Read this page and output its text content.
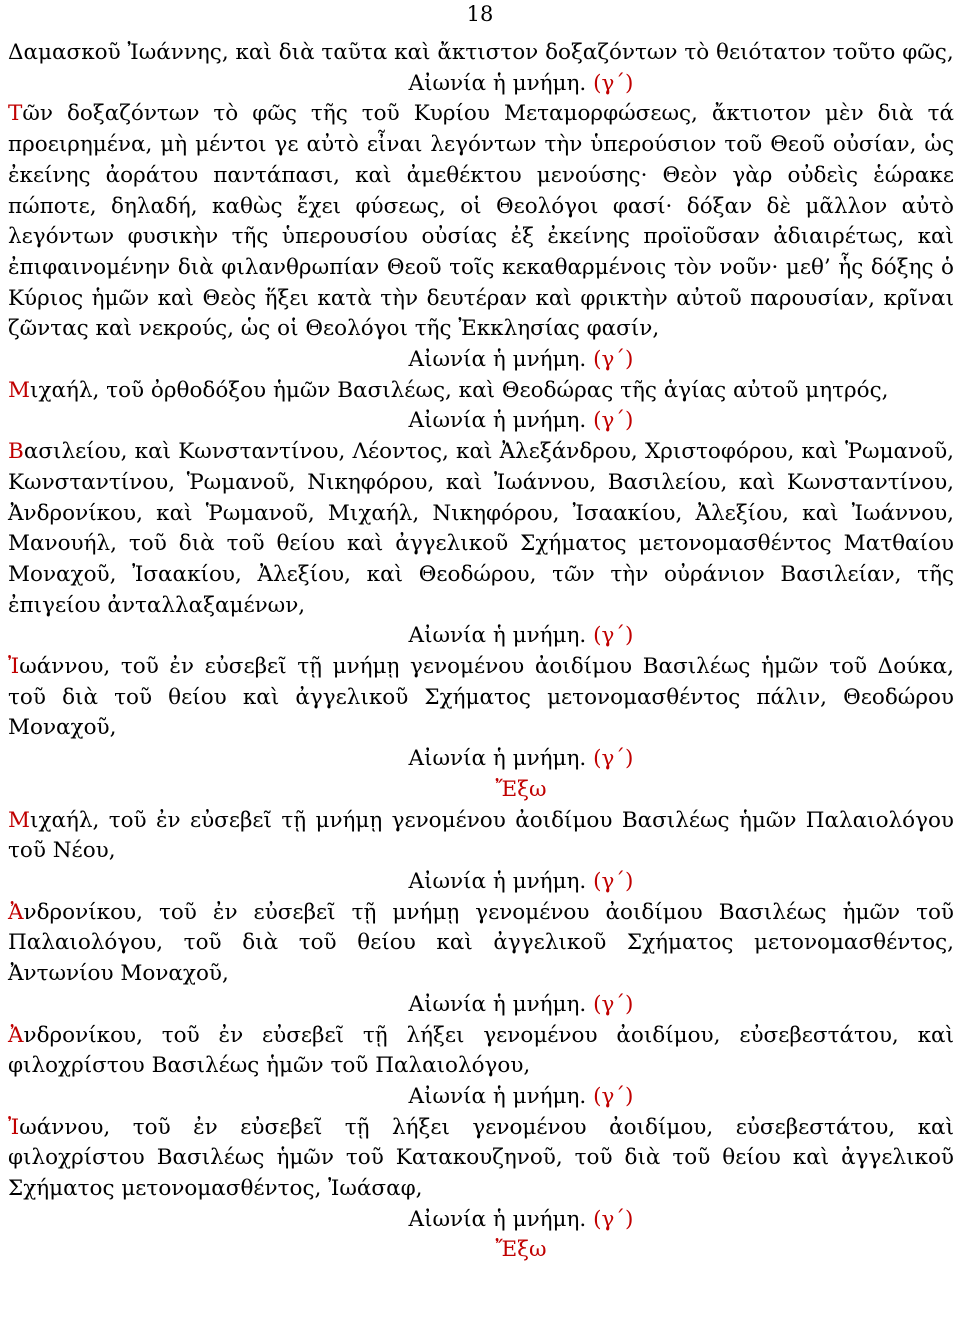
18

Δαμασκοῦ Ἰωάννης, καὶ διὰ ταῦτα καὶ ἄκτιστον δοξαζόντων τὸ θειότατον τοῦτο φῶς,

Αἰωνία ἡ μνήμη. (γ΄)

Τῶν δοξαζόντων τὸ φῶς τῆς τοῦ Κυρίου Μεταμορφώσεως, ἄκτιοτον μὲν διὰ τά προειρημένα, μὴ μέντοι γε αὐτὸ εἶναι λεγόντων τὴν ὑπερούσιον τοῦ Θεοῦ οὐσίαν, ὡς ἐκείνης ἀοράτου παντάπασι, καὶ ἀμεθέκτου μενούσης· Θεὸν γὰρ οὐδεὶς ἑώρακε πώποτε, δηλαδή, καθὼς ἔχει φύσεως, οἱ Θεολόγοι φασί· δόξαν δὲ μᾶλλον αὐτὸ λεγόντων φυσικὴν τῆς ὑπερουσίου οὐσίας ἐξ ἐκείνης προϊοῦσαν ἀδιαιρέτως, καὶ ἐπιφαινομένην διὰ φιλανθρωπίαν Θεοῦ τοῖς κεκαθαρμένοις τὸν νοῦν· μεθ’ ἧς δόξης ὁ Κύριος ἡμῶν καὶ Θεὸς ἥξει κατὰ τὴν δευτέραν καὶ φρικτὴν αὐτοῦ παρουσίαν, κρῖναι ζῶντας καὶ νεκρούς, ὡς οἱ Θεολόγοι τῆς Ἐκκλησίας φασίν,

Αἰωνία ἡ μνήμη. (γ΄)

Μιχαήλ, τοῦ ὀρθοδόξου ἡμῶν Βασιλέως, καὶ Θεοδώρας τῆς ἁγίας αὐτοῦ μητρός,

Αἰωνία ἡ μνήμη. (γ΄)

Βασιλείου, καὶ Κωνσταντίνου, Λέοντος, καὶ Ἀλεξάνδρου, Χριστοφόρου, καὶ Ῥωμανοῦ, Κωνσταντίνου, Ῥωμανοῦ, Νικηφόρου, καὶ Ἰωάννου, Βασιλείου, καὶ Κωνσταντίνου, Ἀνδρονίκου, καὶ Ῥωμανοῦ, Μιχαήλ, Νικηφόρου, Ἰσαακίου, Ἀλεξίου, καὶ Ἰωάννου, Μανουήλ, τοῦ διὰ τοῦ θείου καὶ ἀγγελικοῦ Σχήματος μετονομασθέντος Ματθαίου Μοναχοῦ, Ἰσαακίου, Ἀλεξίου, καὶ Θεοδώρου, τῶν τὴν οὐράνιον Βασιλείαν, τῆς ἐπιγείου ἀνταλλαξαμένων,

Αἰωνία ἡ μνήμη. (γ΄)

Ἰωάννου, τοῦ ἐν εὐσεβεῖ τῇ μνήμῃ γενομένου ἀοιδίμου Βασιλέως ἡμῶν τοῦ Δούκα, τοῦ διὰ τοῦ θείου καὶ ἀγγελικοῦ Σχήματος μετονομασθέντος πάλιν, Θεοδώρου Μοναχοῦ,

Αἰωνία ἡ μνήμη. (γ΄)

Ἔξω

Μιχαήλ, τοῦ ἐν εὐσεβεῖ τῇ μνήμῃ γενομένου ἀοιδίμου Βασιλέως ἡμῶν Παλαιολόγου τοῦ Νέου,

Αἰωνία ἡ μνήμη. (γ΄)

Ἀνδρονίκου, τοῦ ἐν εὐσεβεῖ τῇ μνήμῃ γενομένου ἀοιδίμου Βασιλέως ἡμῶν τοῦ Παλαιολόγου, τοῦ διὰ τοῦ θείου καὶ ἀγγελικοῦ Σχήματος μετονομασθέντος, Ἀντωνίου Μοναχοῦ,

Αἰωνία ἡ μνήμη. (γ΄)

Ἀνδρονίκου, τοῦ ἐν εὐσεβεῖ τῇ λήξει γενομένου ἀοιδίμου, εὐσεβεστάτου, καὶ φιλοχρίστου Βασιλέως ἡμῶν τοῦ Παλαιολόγου,

Αἰωνία ἡ μνήμη. (γ΄)

Ἰωάννου, τοῦ ἐν εὐσεβεῖ τῇ λήξει γενομένου ἀοιδίμου, εὐσεβεστάτου, καὶ φιλοχρίστου Βασιλέως ἡμῶν τοῦ Κατακουζηνοῦ, τοῦ διὰ τοῦ θείου καὶ ἀγγελικοῦ Σχήματος μετονομασθέντος, Ἰωάσαφ,

Αἰωνία ἡ μνήμη. (γ΄)

Ἔξω
